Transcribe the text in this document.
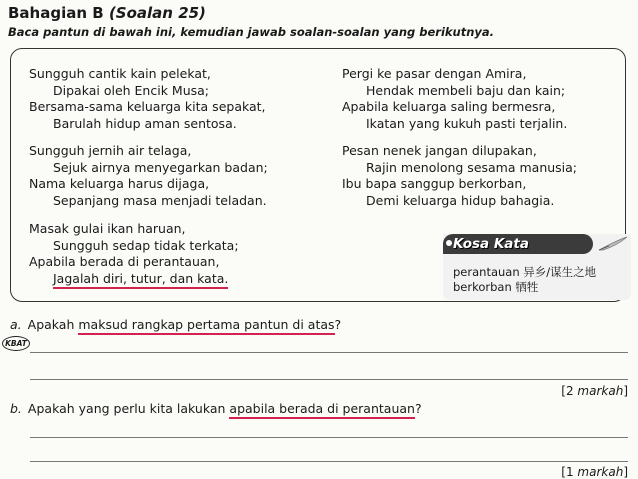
Bahagian B (Soalan 25)
Baca pantun di bawah ini, kemudian jawab soalan-soalan yang berikutnya.
Sungguh cantik kain pelekat,
Dipakai oleh Encik Musa;
Bersama-sama keluarga kita sepakat,
Barulah hidup aman sentosa.
Sungguh jernih air telaga,
Sejuk airnya menyegarkan badan;
Nama keluarga harus dijaga,
Sepanjang masa menjadi teladan.
Masak gulai ikan haruan,
Sungguh sedap tidak terkata;
Apabila berada di perantauan,
Jagalah diri, tutur, dan kata.
Pergi ke pasar dengan Amira,
Hendak membeli baju dan kain;
Apabila keluarga saling bermesra,
Ikatan yang kukuh pasti terjalin.
Pesan nenek jangan dilupakan,
Rajin menolong sesama manusia;
Ibu bapa sanggup berkorban,
Demi keluarga hidup bahagia.
Kosa Kata
perantauan 异乡/谋生之地
berkorban 牺牲
a. Apakah maksud rangkap pertama pantun di atas?
KBAT
[2 markah]
b. Apakah yang perlu kita lakukan apabila berada di perantauan?
[1 markah]
